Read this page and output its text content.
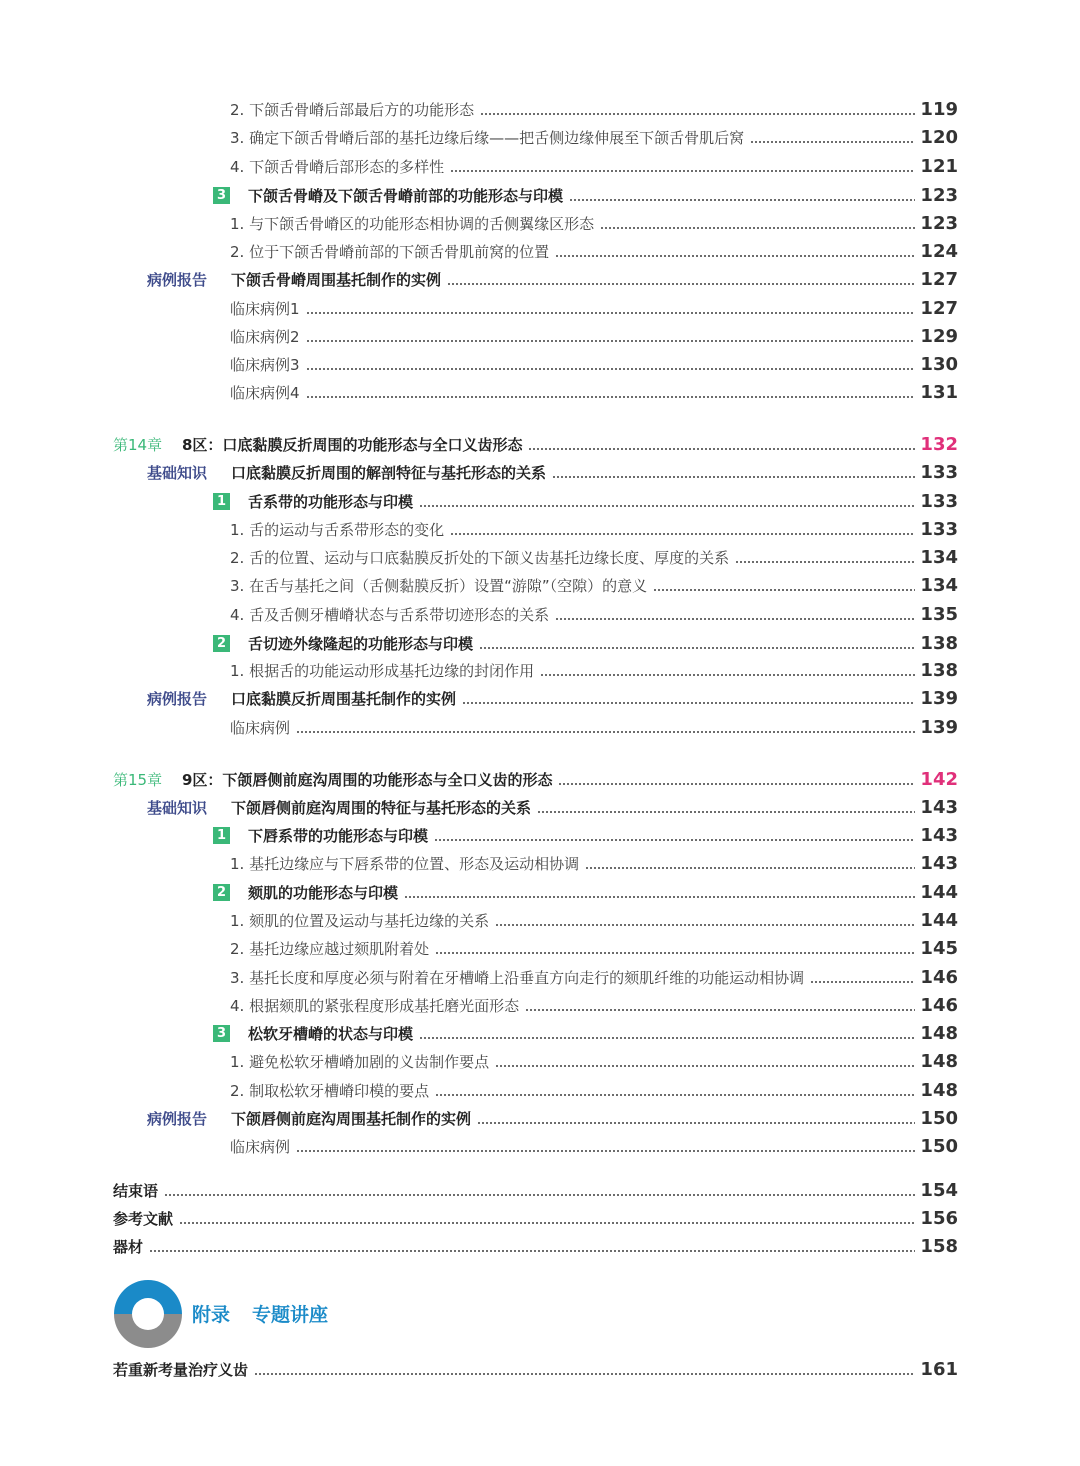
2. 下颌舌骨嵴后部最后方的功能形态	119
3. 确定下颌舌骨嵴后部的基托边缘后缘——把舌侧边缘伸展至下颌舌骨肌后窝	120
4. 下颌舌骨嵴后部形态的多样性	121
3 下颌舌骨嵴及下颌舌骨嵴前部的功能形态与印模	123
1. 与下颌舌骨嵴区的功能形态相协调的舌侧翼缘区形态	123
2. 位于下颌舌骨嵴前部的下颌舌骨肌前窝的位置	124
病例报告 下颌舌骨嵴周围基托制作的实例	127
临床病例1	127
临床病例2	129
临床病例3	130
临床病例4	131
第14章 8区：口底黏膜反折周围的功能形态与全口义齿形态	132
基础知识 口底黏膜反折周围的解剖特征与基托形态的关系	133
1 舌系带的功能形态与印模	133
1. 舌的运动与舌系带形态的变化	133
2. 舌的位置、运动与口底黏膜反折处的下颌义齿基托边缘长度、厚度的关系	134
3. 在舌与基托之间（舌侧黏膜反折）设置“游隙”（空隙）的意义	134
4. 舌及舌侧牙槽嵴状态与舌系带切迹形态的关系	135
2 舌切迹外缘隆起的功能形态与印模	138
1. 根据舌的功能运动形成基托边缘的封闭作用	138
病例报告 口底黏膜反折周围基托制作的实例	139
临床病例	139
第15章 9区：下颌唇侧前庭沟周围的功能形态与全口义齿的形态	142
基础知识 下颌唇侧前庭沟周围的特征与基托形态的关系	143
1 下唇系带的功能形态与印模	143
1. 基托边缘应与下唇系带的位置、形态及运动相协调	143
2 颏肌的功能形态与印模	144
1. 颏肌的位置及运动与基托边缘的关系	144
2. 基托边缘应越过颏肌附着处	145
3. 基托长度和厚度必须与附着在牙槽嵴上沿垂直方向走行的颏肌纤维的功能运动相协调	146
4. 根据颏肌的紧张程度形成基托磨光面形态	146
3 松软牙槽嵴的状态与印模	148
1. 避免松软牙槽嵴加剧的义齿制作要点	148
2. 制取松软牙槽嵴印模的要点	148
病例报告 下颌唇侧前庭沟周围基托制作的实例	150
临床病例	150
结束语	154
参考文献	156
器材	158
若重新考量治疗义齿	161
附录 专题讲座
